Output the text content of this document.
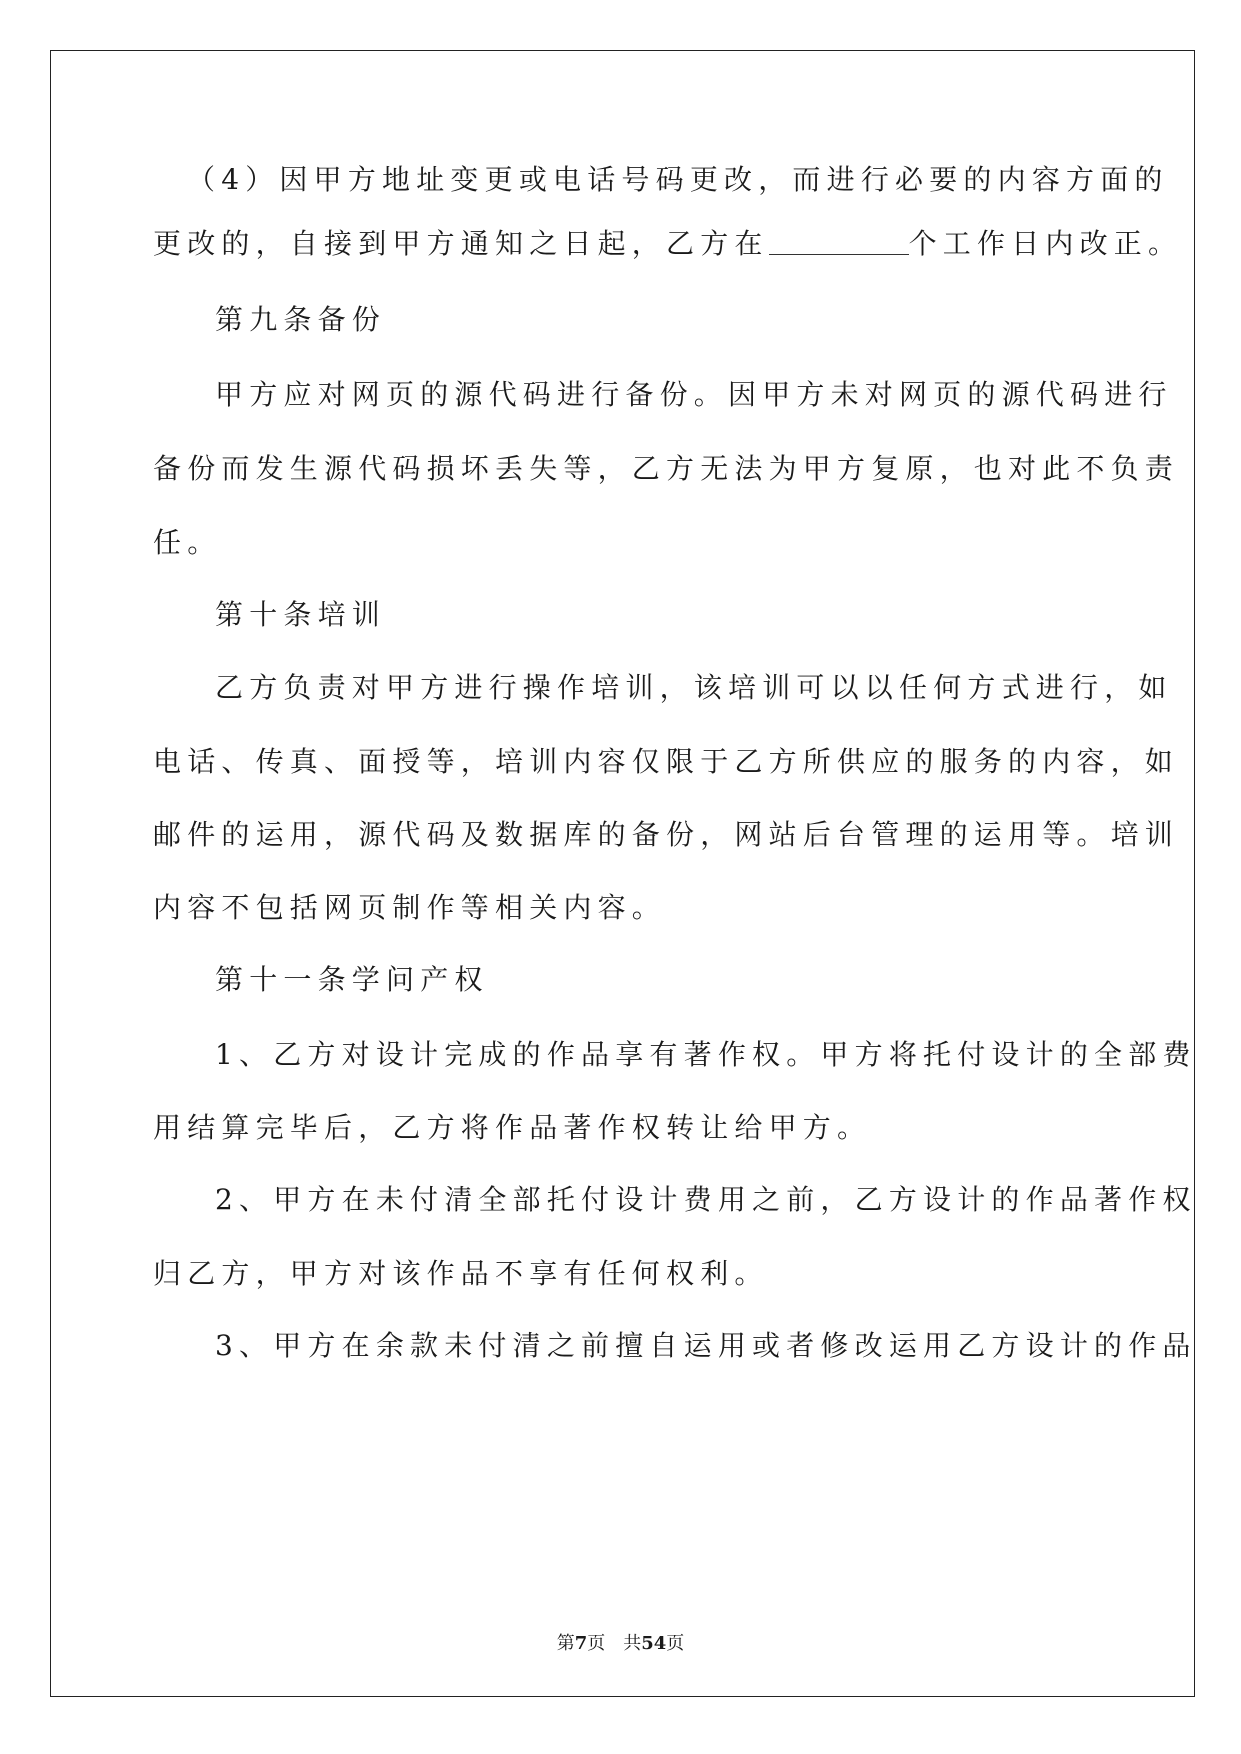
（4）因甲方地址变更或电话号码更改，而进行必要的内容方面的
更改的，自接到甲方通知之日起，乙方在	个工作日内改正。
第九条备份
甲方应对网页的源代码进行备份。因甲方未对网页的源代码进行
备份而发生源代码损坏丢失等，乙方无法为甲方复原，也对此不负责
任。
第十条培训
乙方负责对甲方进行操作培训，该培训可以以任何方式进行，如
电话、传真、面授等，培训内容仅限于乙方所供应的服务的内容，如
邮件的运用，源代码及数据库的备份，网站后台管理的运用等。培训
内容不包括网页制作等相关内容。
第十一条学问产权
1、乙方对设计完成的作品享有著作权。甲方将托付设计的全部费
用结算完毕后，乙方将作品著作权转让给甲方。
2、甲方在未付清全部托付设计费用之前，乙方设计的作品著作权
归乙方，甲方对该作品不享有任何权利。
3、甲方在余款未付清之前擅自运用或者修改运用乙方设计的作品
第7页　共54页
